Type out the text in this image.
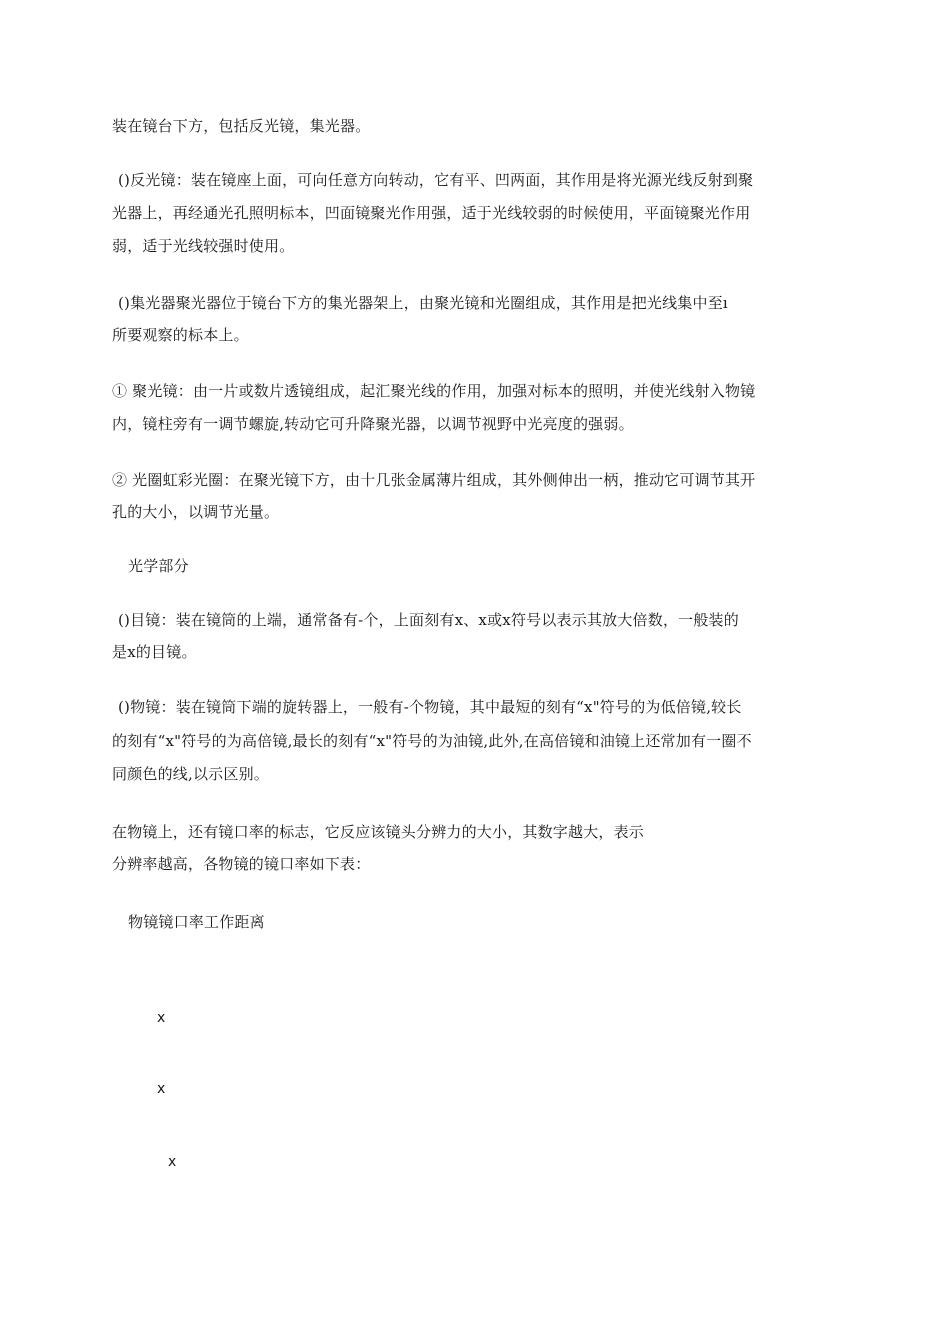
装在镜台下方，包括反光镜，集光器。
()反光镜：装在镜座上面，可向任意方向转动，它有平、凹两面，其作用是将光源光线反射到聚
光器上，再经通光孔照明标本，凹面镜聚光作用强，适于光线较弱的时候使用，平面镜聚光作用
弱，适于光线较强时使用。
()集光器聚光器位于镜台下方的集光器架上，由聚光镜和光圈组成，其作用是把光线集中至ı
所要观察的标本上。
① 聚光镜：由一片或数片透镜组成，起汇聚光线的作用，加强对标本的照明，并使光线射入物镜
内，镜柱旁有一调节螺旋,转动它可升降聚光器，以调节视野中光亮度的强弱。
② 光圈虹彩光圈：在聚光镜下方，由十几张金属薄片组成，其外侧伸出一柄，推动它可调节其开
孔的大小，以调节光量。
光学部分
()目镜：装在镜筒的上端，通常备有-个，上面刻有x、x或x符号以表示其放大倍数，一般装的
是x的目镜。
()物镜：装在镜筒下端的旋转器上，一般有-个物镜，其中最短的刻有“x"符号的为低倍镜,较长
的刻有“x"符号的为高倍镜,最长的刻有“x"符号的为油镜,此外,在高倍镜和油镜上还常加有一圈不
同颜色的线,以示区别。
在物镜上，还有镜口率的标志，它反应该镜头分辨力的大小，其数字越大，表示
分辨率越高，各物镜的镜口率如下表：
物镜镜口率工作距离
x
x
x
